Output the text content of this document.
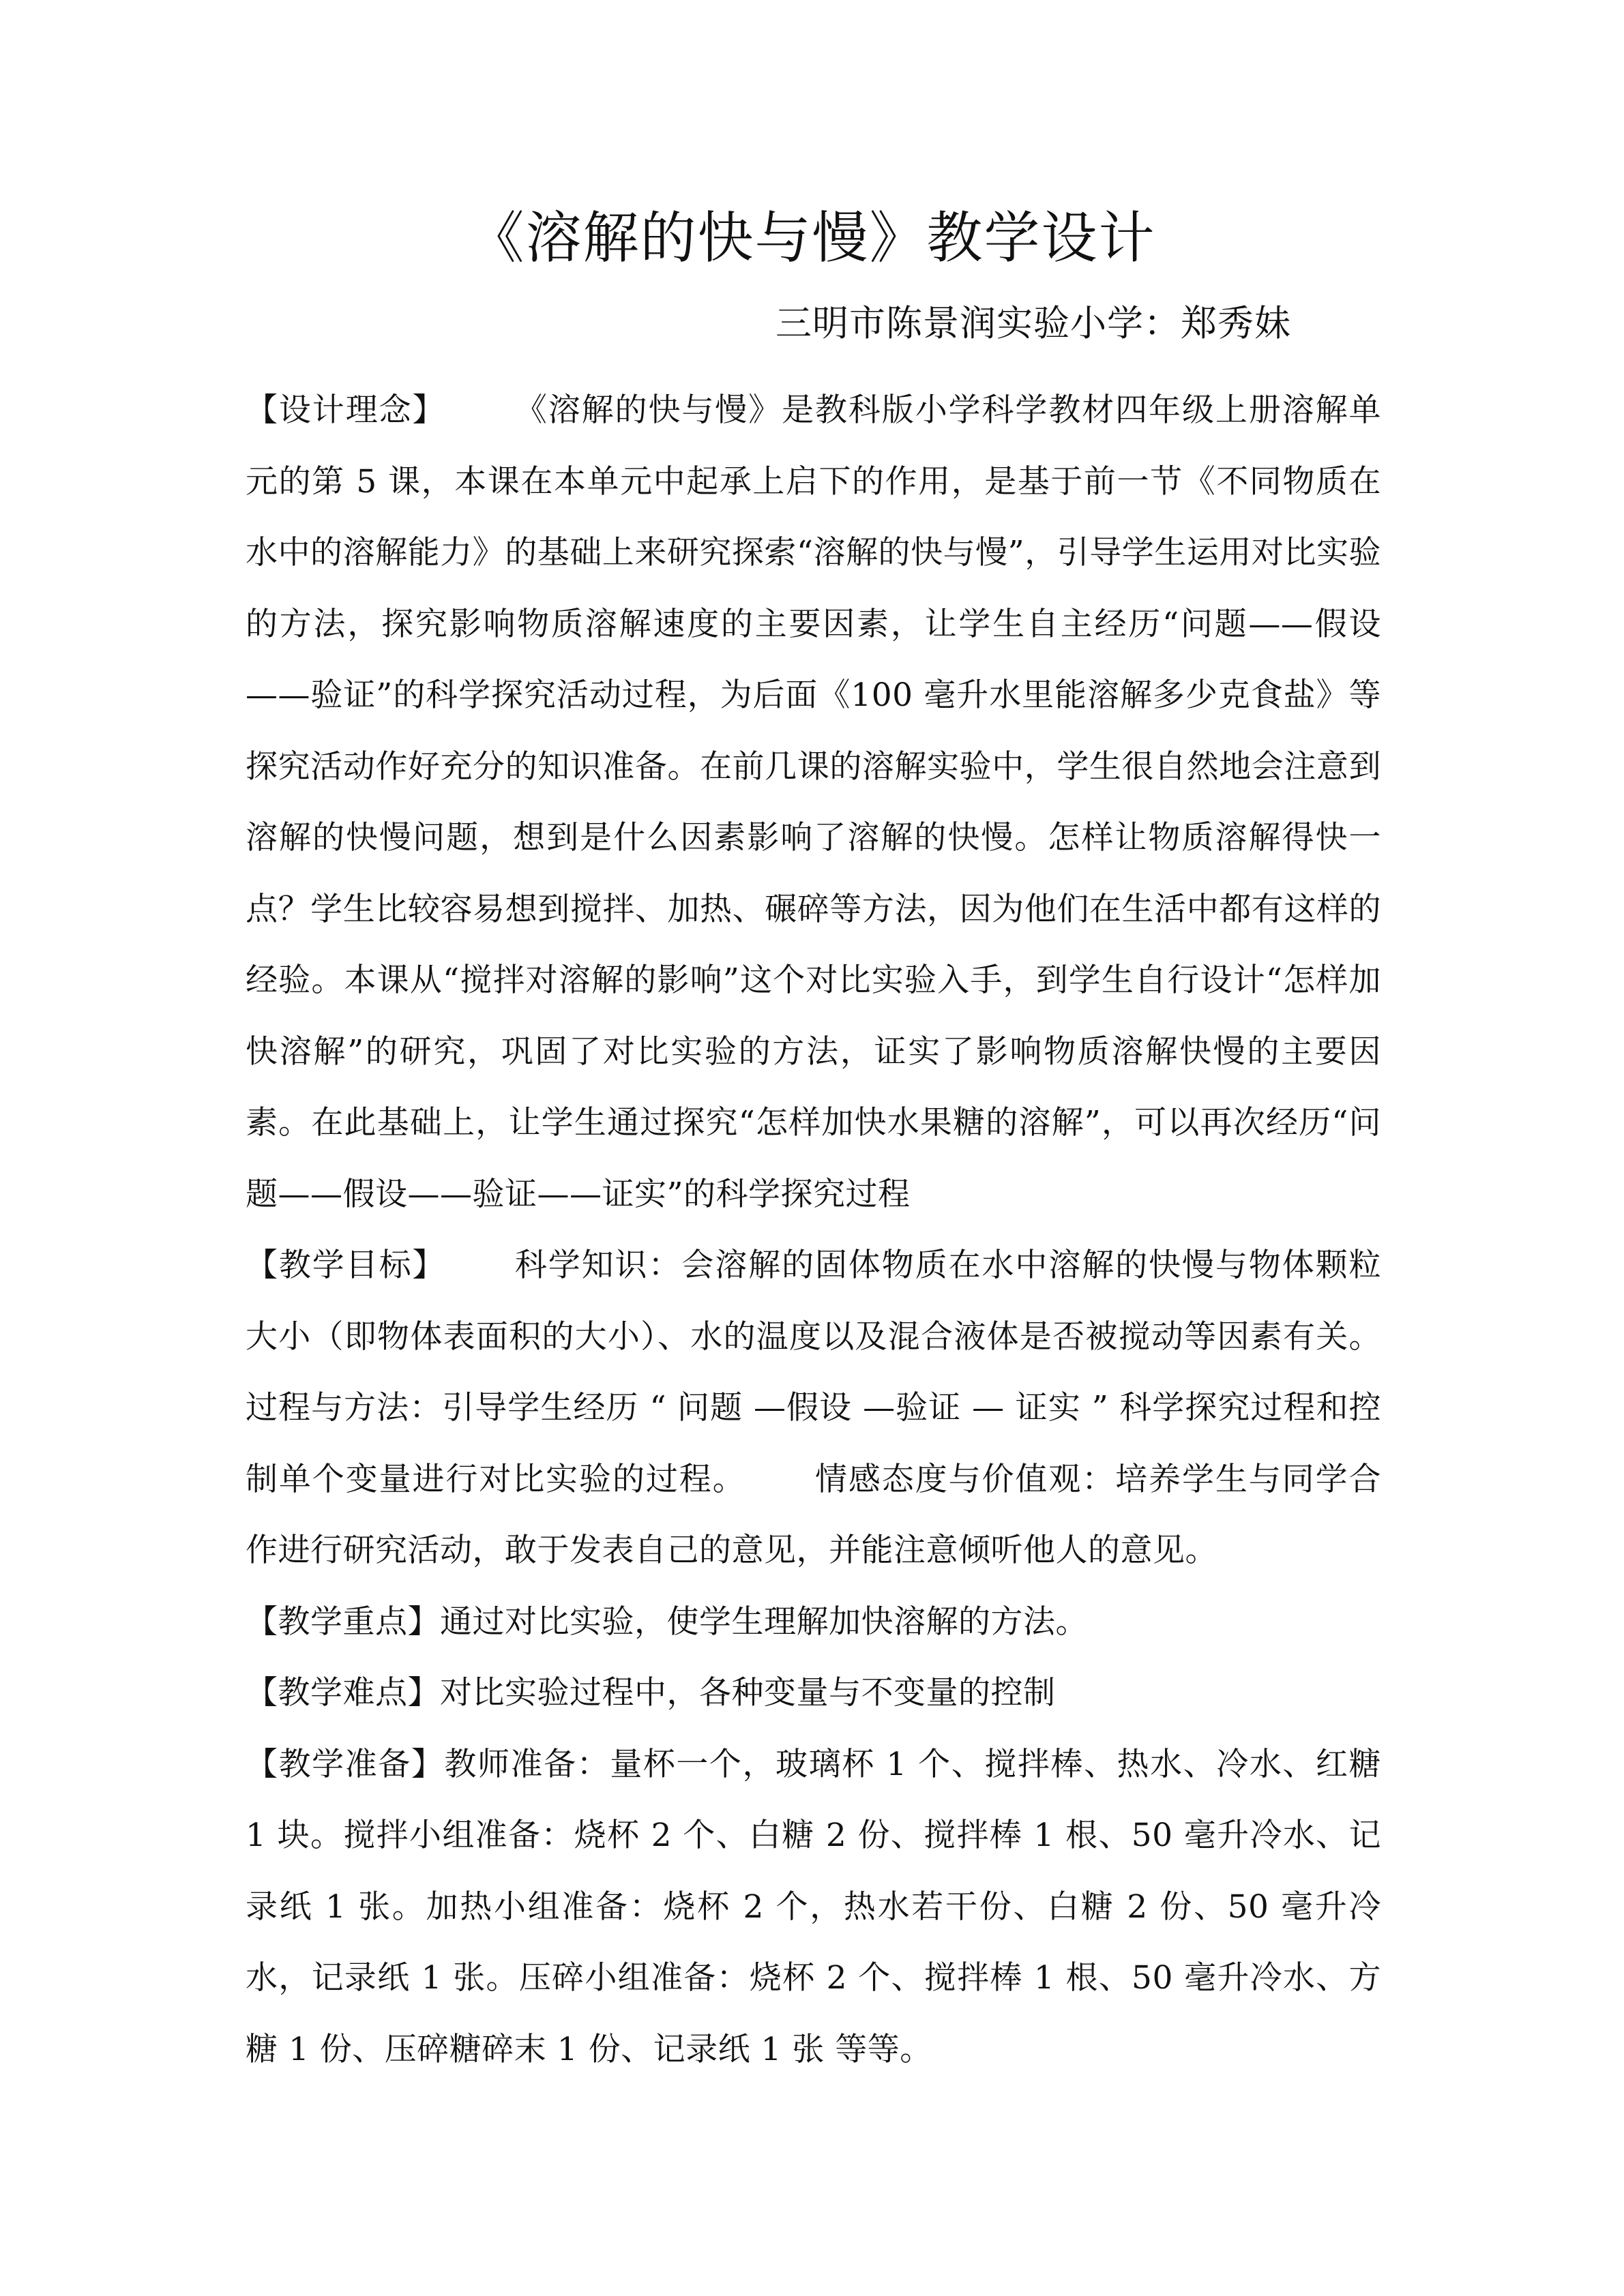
《溶解的快与慢》教学设计
三明市陈景润实验小学：郑秀妹

【设计理念】 《溶解的快与慢》是教科版小学科学教材四年级上册溶解单元的第 5 课，本课在本单元中起承上启下的作用，是基于前一节《不同物质在水中的溶解能力》的基础上来研究探索“溶解的快与慢”，引导学生运用对比实验的方法，探究影响物质溶解速度的主要因素，让学生自主经历“问题——假设——验证”的科学探究活动过程，为后面《100 毫升水里能溶解多少克食盐》等探究活动作好充分的知识准备。在前几课的溶解实验中，学生很自然地会注意到溶解的快慢问题，想到是什么因素影响了溶解的快慢。怎样让物质溶解得快一点？学生比较容易想到搅拌、加热、碾碎等方法，因为他们在生活中都有这样的经验。本课从“搅拌对溶解的影响”这个对比实验入手，到学生自行设计“怎样加快溶解”的研究，巩固了对比实验的方法，证实了影响物质溶解快慢的主要因素。在此基础上，让学生通过探究“怎样加快水果糖的溶解”，可以再次经历“问题——假设——验证——证实”的科学探究过程

【教学目标】 科学知识：会溶解的固体物质在水中溶解的快慢与物体颗粒大小（即物体表面积的大小）、水的温度以及混合液体是否被搅动等因素有关。过程与方法：引导学生经历 “ 问题 —假设 —验证 — 证实 ” 科学探究过程和控制单个变量进行对比实验的过程。 情感态度与价值观：培养学生与同学合作进行研究活动，敢于发表自己的意见，并能注意倾听他人的意见。

【教学重点】通过对比实验，使学生理解加快溶解的方法。

【教学难点】对比实验过程中，各种变量与不变量的控制

【教学准备】教师准备：量杯一个，玻璃杯 1 个、搅拌棒、热水、冷水、红糖 1 块。搅拌小组准备：烧杯 2 个、白糖 2 份、搅拌棒 1 根、50 毫升冷水、记录纸 1 张。加热小组准备：烧杯 2 个，热水若干份、白糖 2 份、50 毫升冷水，记录纸 1 张。压碎小组准备：烧杯 2 个、搅拌棒 1 根、50 毫升冷水、方糖 1 份、压碎糖碎末 1 份、记录纸 1 张 等等。
